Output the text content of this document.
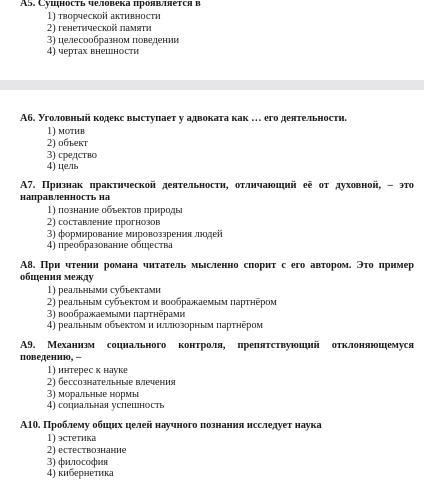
А5. Сущность человека проявляется в
1) творческой активности
2) генетической памяти
3) целесообразном поведении
4) чертах внешности
А6. Уголовный кодекс выступает у адвоката как … его деятельности.
1) мотив
2) объект
3) средство
4) цель
А7. Признак практической деятельности, отличающий её от духовной, – это направленность на
1) познание объектов природы
2) составление прогнозов
3) формирование мировоззрения людей
4) преобразование общества
А8. При чтении романа читатель мысленно спорит с его автором. Это пример общения между
1) реальными субъектами
2) реальным субъектом и воображаемым партнёром
3) воображаемыми партнёрами
4) реальным объектом и иллюзорным партнёром
А9. Механизм социального контроля, препятствующий отклоняющемуся поведению, –
1) интерес к науке
2) бессознательные влечения
3) моральные нормы
4) социальная успешность
А10. Проблему общих целей научного познания исследует наука
1) эстетика
2) естествознание
3) философия
4) кибернетика
